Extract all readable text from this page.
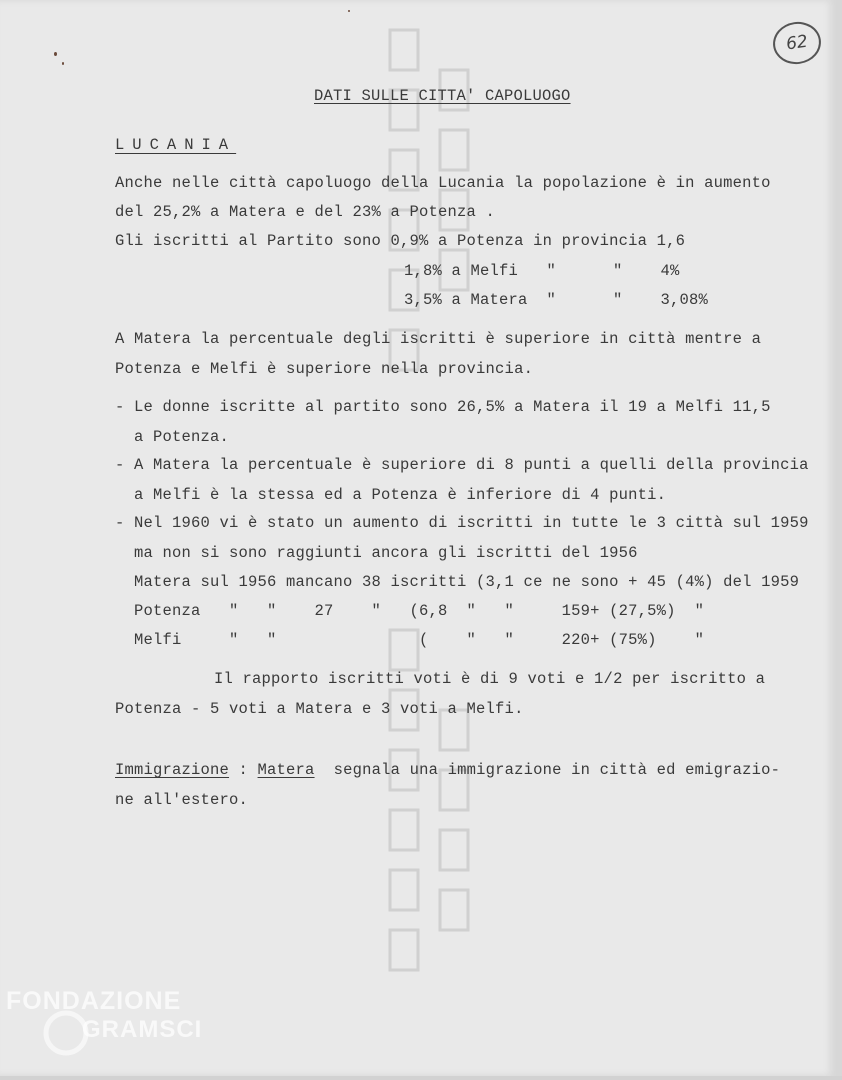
62
DATI SULLE CITTA' CAPOLUOGO
LUCANIA
Anche nelle città capoluogo della Lucania la popolazione è in aumento
del 25,2% a Matera e del 23% a Potenza .
Gli iscritti al Partito sono 0,9% a Potenza in provincia 1,6
1,8% a Melfi   "      "    4%
3,5% a Matera  "      "    3,08%
A Matera la percentuale degli iscritti è superiore in città mentre a
Potenza e Melfi è superiore nella provincia.
- Le donne iscritte al partito sono 26,5% a Matera il 19 a Melfi 11,5
a Potenza.
- A Matera la percentuale è superiore di 8 punti a quelli della provincia
a Melfi è la stessa ed a Potenza è inferiore di 4 punti.
- Nel 1960 vi è stato un aumento di iscritti in tutte le 3 città sul 1959
ma non si sono raggiunti ancora gli iscritti del 1956
Matera sul 1956 mancano 38 iscritti (3,1 ce ne sono + 45 (4%) del 1959
Potenza   "   "    27    "   (6,8  "   "     159+ (27,5%)  "
Melfi     "   "               (    "   "     220+ (75%)    "
Il rapporto iscritti voti è di 9 voti e 1/2 per iscritto a
Potenza - 5 voti a Matera e 3 voti a Melfi.
Immigrazione : Matera  segnala una immigrazione in città ed emigrazio-
ne all'estero.
FONDAZIONE
GRAMSCI
